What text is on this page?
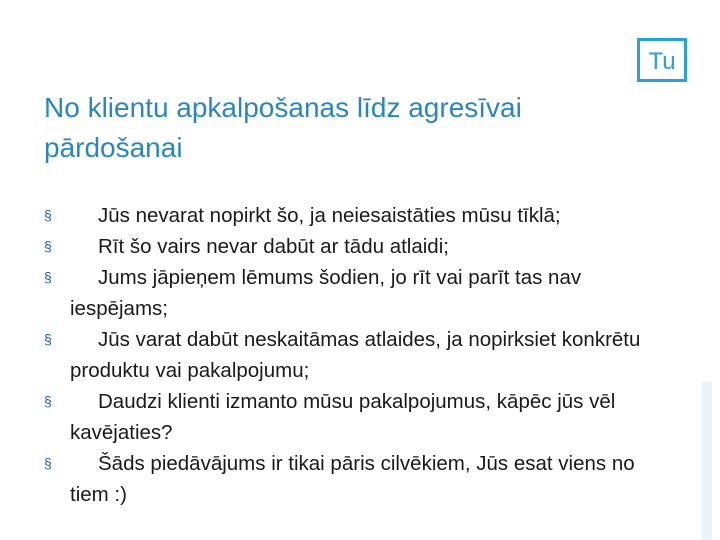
Tu
No klientu apkalpošanas līdz agresīvai pārdošanai
§	Jūs nevarat nopirkt šo, ja neiesaistāties mūsu tīklā;
§	Rīt šo vairs nevar dabūt ar tādu atlaidi;
§	Jums jāpieņem lēmums šodien, jo rīt vai parīt tas nav iespējams;
§	Jūs varat dabūt neskaitāmas atlaides, ja nopirksiet konkrētu produktu vai pakalpojumu;
§	Daudzi klienti izmanto mūsu pakalpojumus, kāpēc jūs vēl kavējaties?
§	Šāds piedāvājums ir tikai pāris cilvēkiem, Jūs esat viens no tiem :)
